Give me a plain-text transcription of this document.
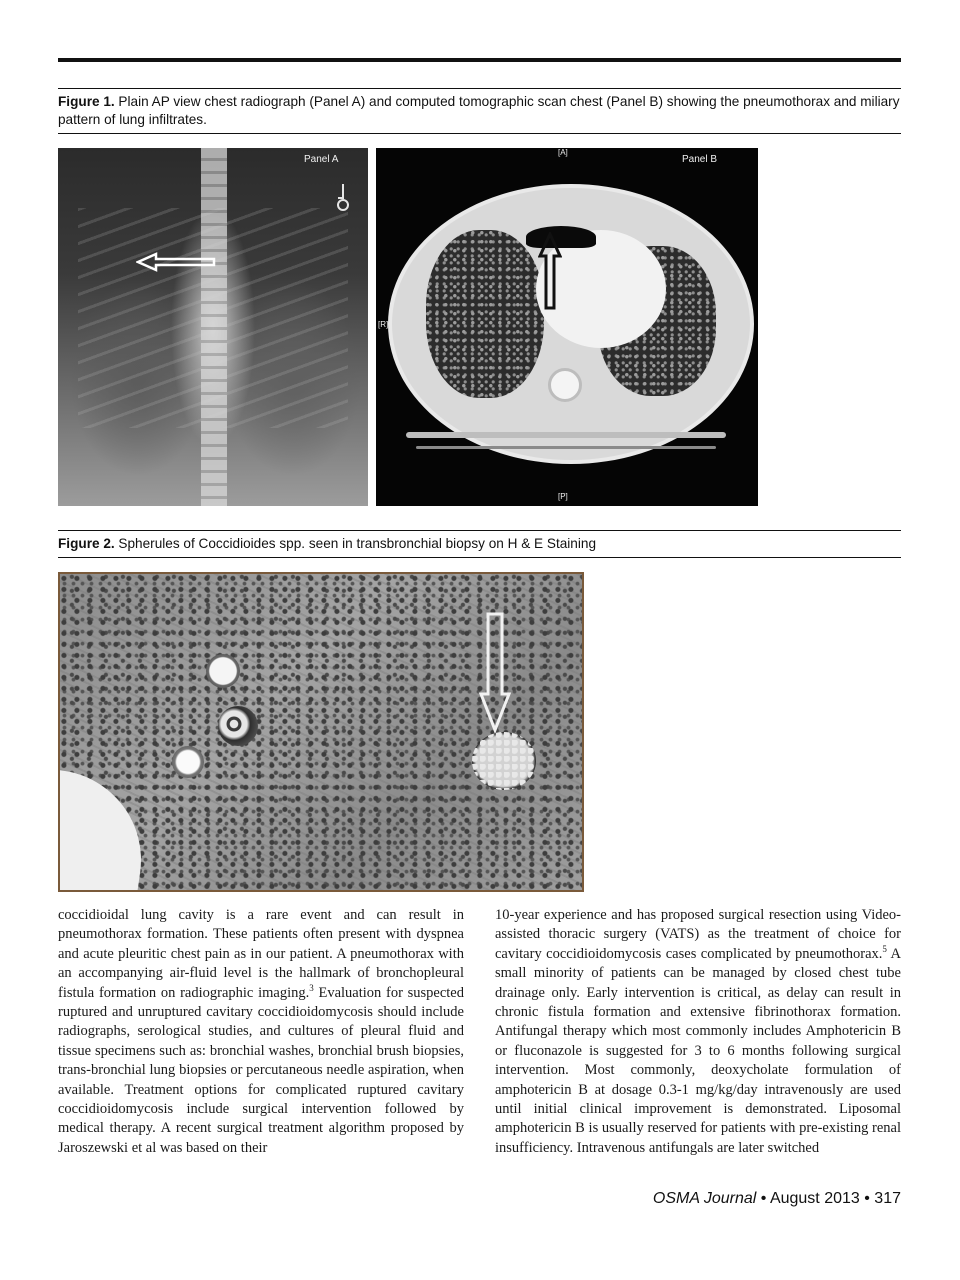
Figure 1. Plain AP view chest radiograph (Panel A) and computed tomographic scan chest (Panel B) showing the pneumothorax and miliary pattern of lung infiltrates.
Panel A	Panel B
[A]
[R]
[P]
Figure 2. Spherules of Coccidioides spp. seen in transbronchial biopsy on H & E Staining

coccidioidal lung cavity is a rare event and can result in pneumothorax formation. These patients often present with dyspnea and acute pleuritic chest pain as in our patient. A pneumothorax with an accompanying air-fluid level is the hallmark of bronchopleural fistula formation on radiographic imaging.$^3$ Evaluation for suspected ruptured and unruptured cavitary coccidioidomycosis should include radiographs, serological studies, and cultures of pleural fluid and tissue specimens such as: bronchial washes, bronchial brush biopsies, trans-bronchial lung biopsies or percutaneous needle aspiration, when available. Treatment options for complicated ruptured cavitary coccidioidomycosis include surgical intervention followed by medical therapy. A recent surgical treatment algorithm proposed by Jaroszewski et al was based on their

10-year experience and has proposed surgical resection using Video-assisted thoracic surgery (VATS) as the treatment of choice for cavitary coccidioidomycosis cases complicated by pneumothorax.$^5$ A small minority of patients can be managed by closed chest tube drainage only. Early intervention is critical, as delay can result in chronic fistula formation and extensive fibrinothorax formation. Antifungal therapy which most commonly includes Amphotericin B or fluconazole is suggested for 3 to 6 months following surgical intervention. Most commonly, deoxycholate formulation of amphotericin B at dosage 0.3-1 mg/kg/day intravenously are used until initial clinical improvement is demonstrated. Liposomal amphotericin B is usually reserved for patients with pre-existing renal insufficiency. Intravenous antifungals are later switched

OSMA Journal • August 2013 • 317
